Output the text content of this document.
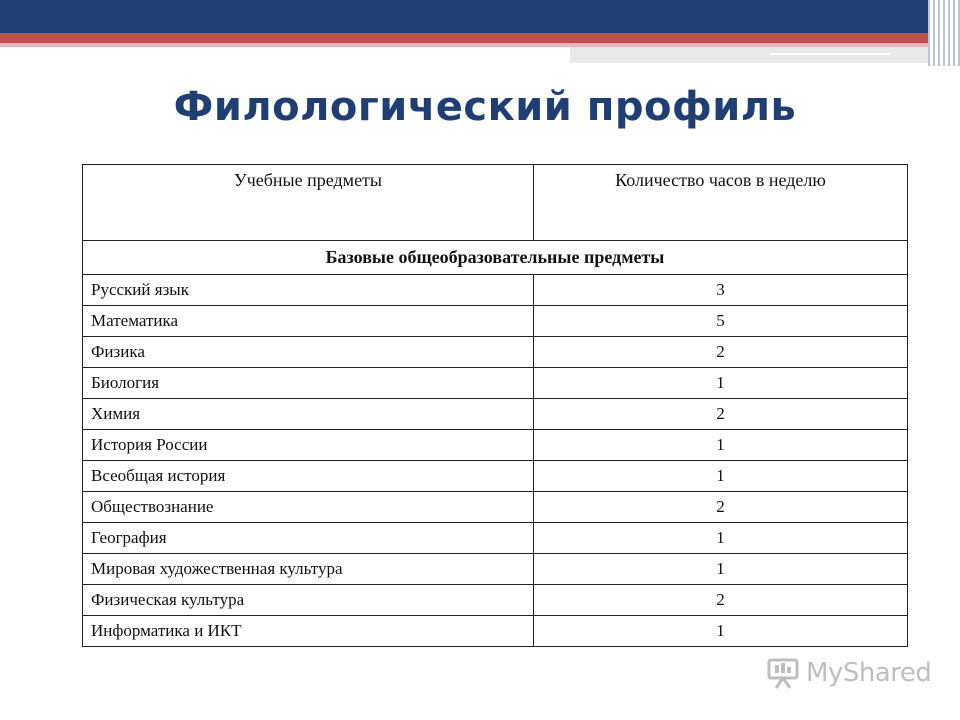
Филологический профиль
Учебные предметы	Количество часов в неделю
Базовые общеобразовательные предметы	
Русский язык	3
Математика	5
Физика	2
Биология	1
Химия	2
История России	1
Всеобщая история	1
Обществознание	2
География	1
Мировая художественная культура	1
Физическая культура	2
Информатика и ИКТ	1
MyShared
